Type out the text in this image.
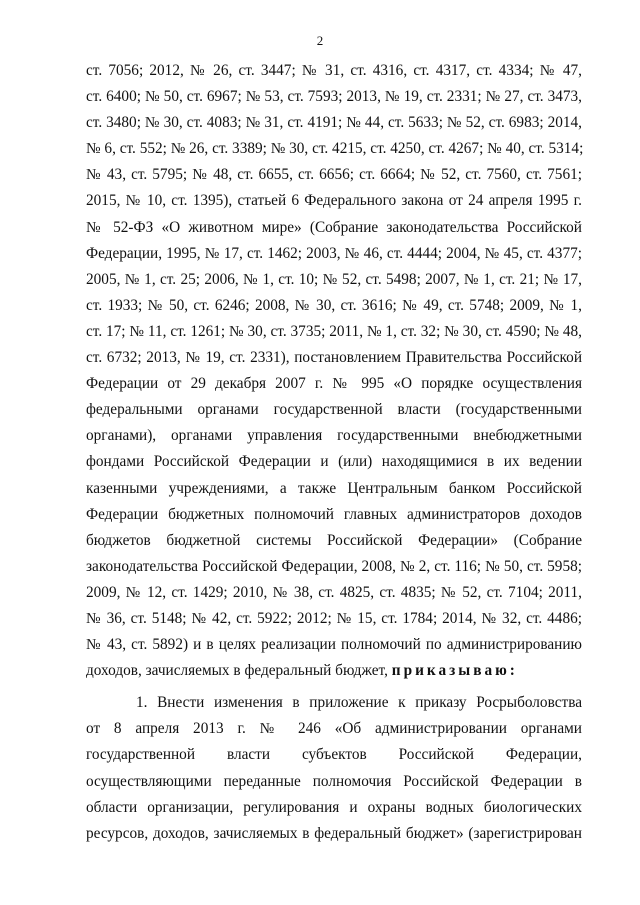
2
ст. 7056; 2012, № 26, ст. 3447; № 31, ст. 4316, ст. 4317, ст. 4334; № 47,
ст. 6400; № 50, ст. 6967; № 53, ст. 7593; 2013, № 19, ст. 2331; № 27, ст. 3473,
ст. 3480; № 30, ст. 4083; № 31, ст. 4191; № 44, ст. 5633; № 52, ст. 6983; 2014,
№ 6, ст. 552; № 26, ст. 3389; № 30, ст. 4215, ст. 4250, ст. 4267; № 40, ст. 5314;
№ 43, ст. 5795; № 48, ст. 6655, ст. 6656; ст. 6664; № 52, ст. 7560, ст. 7561;
2015, № 10, ст. 1395), статьей 6 Федерального закона от 24 апреля 1995 г.
№ 52-ФЗ «О животном мире» (Собрание законодательства Российской
Федерации, 1995, № 17, ст. 1462; 2003, № 46, ст. 4444; 2004, № 45, ст. 4377;
2005, № 1, ст. 25; 2006, № 1, ст. 10; № 52, ст. 5498; 2007, № 1, ст. 21; № 17,
ст. 1933; № 50, ст. 6246; 2008, № 30, ст. 3616; № 49, ст. 5748; 2009, № 1,
ст. 17; № 11, ст. 1261; № 30, ст. 3735; 2011, № 1, ст. 32; № 30, ст. 4590; № 48,
ст. 6732; 2013, № 19, ст. 2331), постановлением Правительства Российской
Федерации от 29 декабря 2007 г. № 995 «О порядке осуществления
федеральными органами государственной власти (государственными
органами), органами управления государственными внебюджетными
фондами Российской Федерации и (или) находящимися в их ведении
казенными учреждениями, а также Центральным банком Российской
Федерации бюджетных полномочий главных администраторов доходов
бюджетов бюджетной системы Российской Федерации» (Собрание
законодательства Российской Федерации, 2008, № 2, ст. 116; № 50, ст. 5958;
2009, № 12, ст. 1429; 2010, № 38, ст. 4825, ст. 4835; № 52, ст. 7104; 2011,
№ 36, ст. 5148; № 42, ст. 5922; 2012; № 15, ст. 1784; 2014, № 32, ст. 4486;
№ 43, ст. 5892) и в целях реализации полномочий по администрированию
доходов, зачисляемых в федеральный бюджет, приказываю:
1. Внести изменения в приложение к приказу Росрыболовства
от 8 апреля 2013 г. № 246 «Об администрировании органами
государственной власти субъектов Российской Федерации,
осуществляющими переданные полномочия Российской Федерации в
области организации, регулирования и охраны водных биологических
ресурсов, доходов, зачисляемых в федеральный бюджет» (зарегистрирован
